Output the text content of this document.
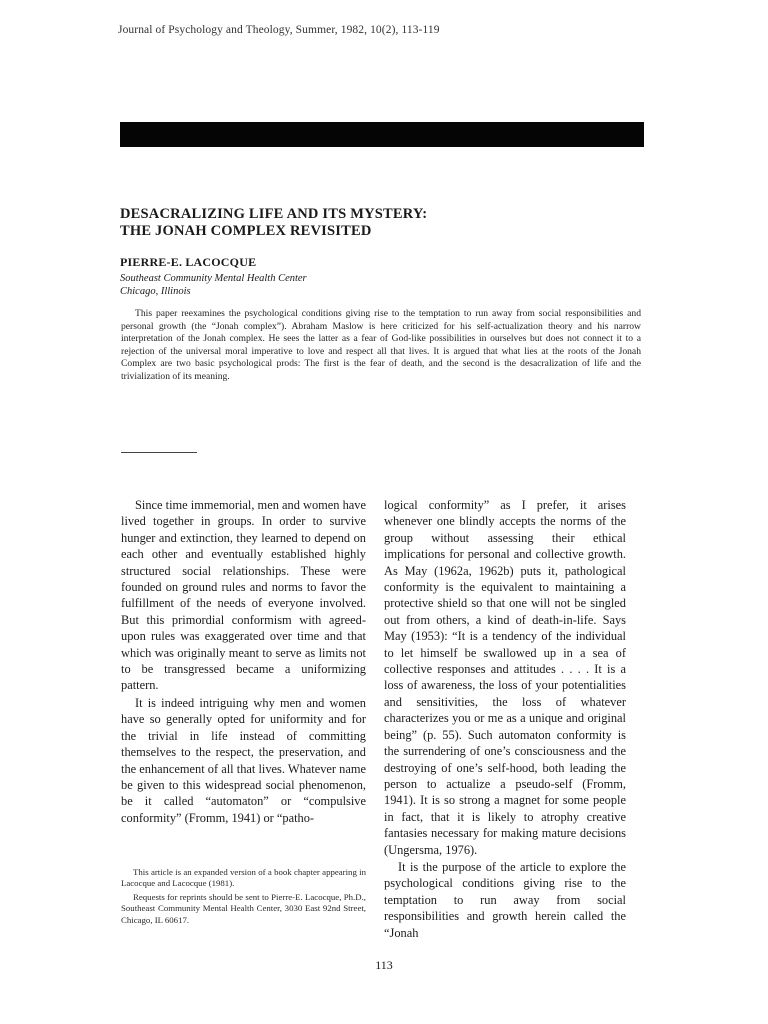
Journal of Psychology and Theology, Summer, 1982, 10(2), 113-119
DESACRALIZING LIFE AND ITS MYSTERY:
THE JONAH COMPLEX REVISITED
PIERRE-E. LACOCQUE
Southeast Community Mental Health Center
Chicago, Illinois

This paper reexamines the psychological conditions giving rise to the temptation to run away from social responsibilities and personal growth (the “Jonah complex”). Abraham Maslow is here criticized for his self-actualization theory and his narrow interpretation of the Jonah complex. He sees the latter as a fear of God-like possibilities in ourselves but does not connect it to a rejection of the universal moral imperative to love and respect all that lives. It is argued that what lies at the roots of the Jonah Complex are two basic psychological prods: The first is the fear of death, and the second is the desacralization of life and the trivialization of its meaning.

Since time immemorial, men and women have lived together in groups. In order to survive hunger and extinction, they learned to depend on each other and eventually established highly structured social relationships. These were founded on ground rules and norms to favor the fulfillment of the needs of everyone involved. But this primordial conformism with agreed-upon rules was exaggerated over time and that which was originally meant to serve as limits not to be transgressed became a uniformizing pattern.

It is indeed intriguing why men and women have so generally opted for uniformity and for the trivial in life instead of committing themselves to the respect, the preservation, and the enhancement of all that lives. Whatever name be given to this widespread social phenomenon, be it called “automaton” or “compulsive conformity” (Fromm, 1941) or “patho-

logical conformity” as I prefer, it arises whenever one blindly accepts the norms of the group without assessing their ethical implications for personal and collective growth. As May (1962a, 1962b) puts it, pathological conformity is the equivalent to maintaining a protective shield so that one will not be singled out from others, a kind of death-in-life. Says May (1953): “It is a tendency of the individual to let himself be swallowed up in a sea of collective responses and attitudes . . . . It is a loss of awareness, the loss of your potentialities and sensitivities, the loss of whatever characterizes you or me as a unique and original being” (p. 55). Such automaton conformity is the surrendering of one’s consciousness and the destroying of one’s self-hood, both leading the person to actualize a pseudo-self (Fromm, 1941). It is so strong a magnet for some people in fact, that it is likely to atrophy creative fantasies necessary for making mature decisions (Ungersma, 1976).

It is the purpose of the article to explore the psychological conditions giving rise to the temptation to run away from social responsibilities and growth herein called the “Jonah

This article is an expanded version of a book chapter appearing in Lacocque and Lacocque (1981).

Requests for reprints should be sent to Pierre-E. Lacocque, Ph.D., Southeast Community Mental Health Center, 3030 East 92nd Street, Chicago, IL 60617.

113
